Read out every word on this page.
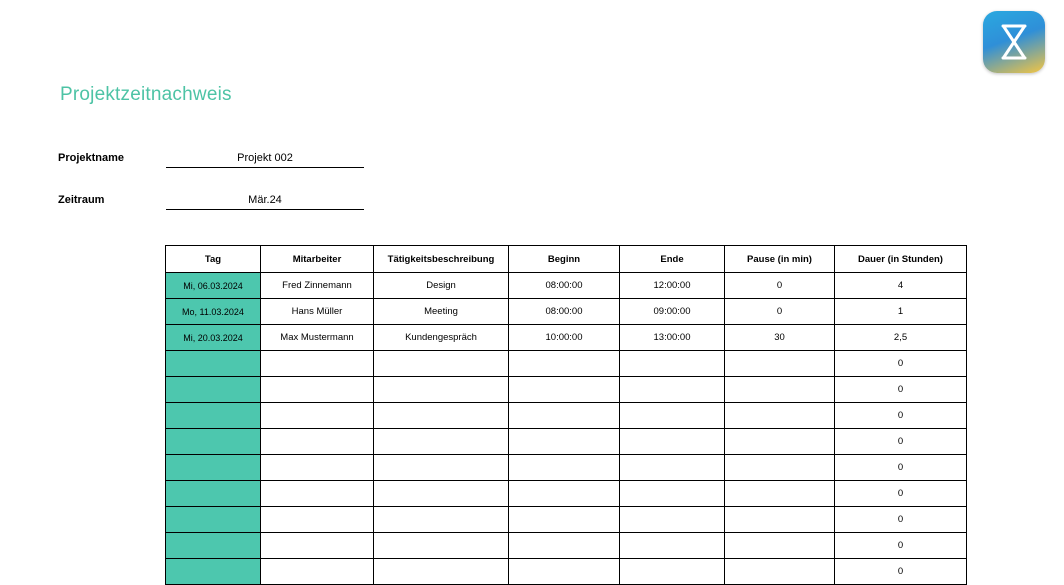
Projektzeitnachweis
Projektname	Projekt 002
Zeitraum	Mär.24
Tag	Mitarbeiter	Tätigkeitsbeschreibung	Beginn	Ende	Pause (in min)	Dauer (in Stunden)
Mi, 06.03.2024	Fred Zinnemann	Design	08:00:00	12:00:00	0	4
Mo, 11.03.2024	Hans Müller	Meeting	08:00:00	09:00:00	0	1
Mi, 20.03.2024	Max Mustermann	Kundengespräch	10:00:00	13:00:00	30	2,5
						0
						0
						0
						0
						0
						0
						0
						0
						0
